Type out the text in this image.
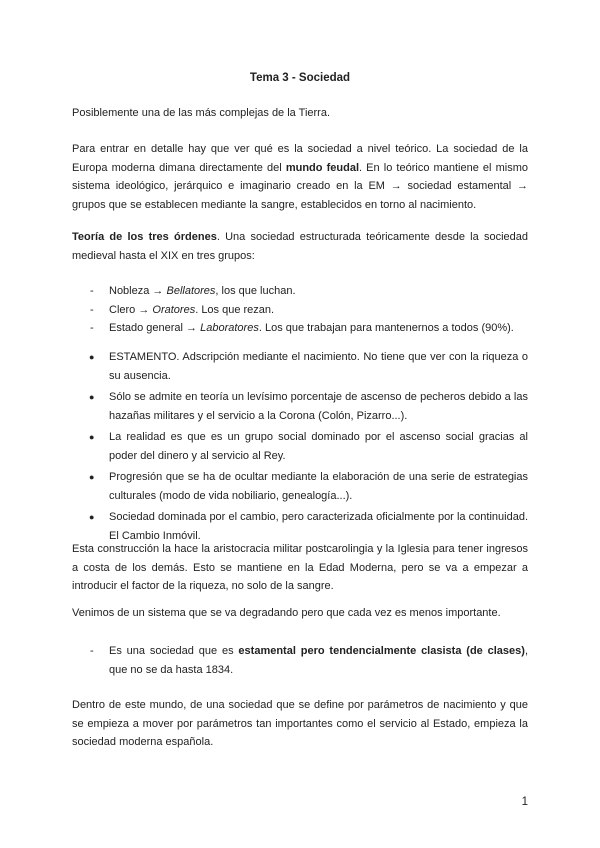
Tema 3 - Sociedad

Posiblemente una de las más complejas de la Tierra.

Para entrar en detalle hay que ver qué es la sociedad a nivel teórico. La sociedad de la Europa moderna dimana directamente del mundo feudal. En lo teórico mantiene el mismo sistema ideológico, jerárquico e imaginario creado en la EM → sociedad estamental → grupos que se establecen mediante la sangre, establecidos en torno al nacimiento.

Teoría de los tres órdenes. Una sociedad estructurada teóricamente desde la sociedad medieval hasta el XIX en tres grupos:

- Nobleza → Bellatores, los que luchan.
- Clero → Oratores. Los que rezan.
- Estado general → Laboratores. Los que trabajan para mantenernos a todos (90%).
● ESTAMENTO. Adscripción mediante el nacimiento. No tiene que ver con la riqueza o su ausencia.
● Sólo se admite en teoría un levísimo porcentaje de ascenso de pecheros debido a las hazañas militares y el servicio a la Corona (Colón, Pizarro...).
● La realidad es que es un grupo social dominado por el ascenso social gracias al poder del dinero y al servicio al Rey.
● Progresión que se ha de ocultar mediante la elaboración de una serie de estrategias culturales (modo de vida nobiliario, genealogía...).
● Sociedad dominada por el cambio, pero caracterizada oficialmente por la continuidad. El Cambio Inmóvil.

Esta construcción la hace la aristocracia militar postcarolingia y la Iglesia para tener ingresos a costa de los demás. Esto se mantiene en la Edad Moderna, pero se va a empezar a introducir el factor de la riqueza, no solo de la sangre.

Venimos de un sistema que se va degradando pero que cada vez es menos importante.

- Es una sociedad que es estamental pero tendencialmente clasista (de clases), que no se da hasta 1834.

Dentro de este mundo, de una sociedad que se define por parámetros de nacimiento y que se empieza a mover por parámetros tan importantes como el servicio al Estado, empieza la sociedad moderna española.

1
